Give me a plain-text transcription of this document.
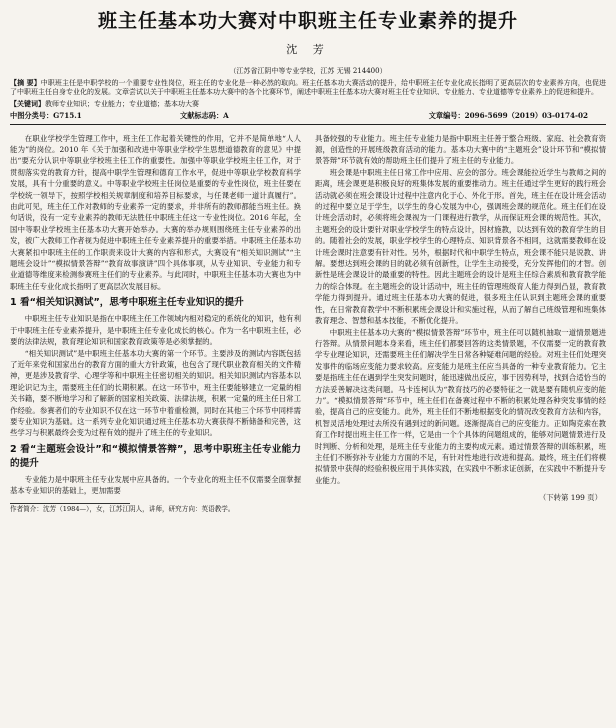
班主任基本功大赛对中职班主任专业素养的提升
沈 芳
（江苏省江阴中等专业学校，江苏 无锡 214400）
【摘 要】中职班主任是中职学校的一个重要专业性岗位，班主任的专业化是一种必然的取向。班主任基本功大赛活动的提升，给中职班主任专业化成长指明了更高层次的专业素养方向，也促进了中职班主任自身专业化的发展。文章尝试以关于中职班主任基本功大赛中的各个比赛环节，阐述中职班主任基本功大赛对班主任专业知识、专业能力、专业道德等专业素养上的促进和提升。
【关键词】教师专业知识；专业能力；专业道德；基本功大赛
中图分类号：G715.1	文献标志码：A	文章编号：2096-5699（2019）03-0174-02

在职业学校学生管理工作中，班主任工作起着关键性的作用，它并不是简单地“人人能为”的岗位。2010 年《关于加强和改进中等职业学校学生思想道德教育的意见》中提出“要充分认识中等职业学校班主任工作的重要性。加强中等职业学校班主任工作，对于贯彻落实党的教育方针，提高中职学生管理和德育工作水平，促进中等职业学校教育科学发展，具有十分重要的意义。中等职业学校班主任岗位是重要的专业性岗位，班主任要在学校统一领导下，按照学校相关规章制度和培养目标要求，与任课老师一道计真履行”。由此可见，班主任工作对教师的专业素养一定的要求，并非所有的教师都能当班主任。换句话说，没有一定专业素养的教师无法胜任中职班主任这一专业性岗位。2016 年起，全国中等职业学校班主任基本功大赛开始举办。大赛的举办规则围绕班主任专业素养的出发，被广大教师工作者视为促进中职班主任专业素养提升的重要举措。中职班主任基本功大赛紧扣中职班主任的工作职责来设计大赛的内容和形式，大赛设有“相关知识测试”“主题班会设计”“模拟情景答辩”“教育故事演讲”四个具体事项，从专业知识、专业能力和专业道德等维度来检测参赛班主任们的专业素养。与此同时，中职班主任基本功大赛也为中职班主任专业化成长指明了更高层次发展目标。

1 看“相关知识测试”，思考中职班主任专业知识的提升

中职班主任专业知识是指在中职班主任工作领域内相对稳定的系统化的知识，他有利于中职班主任专业素养提升，是中职班主任专业化成长的核心。作为一名中职班主任，必要的法律法规，教育理论知识和国家教育政策等是必须掌握的。

“相关知识测试”是中职班主任基本功大赛的第一个环节。主要涉及的测试内容既包括了近年来党和国家出台的教育方面的重大方针政策，也包含了现代职业教育相关的文件精神，更是涉及教育学、心理学等和中职班主任密切相关的知识。相关知识测试内容基本以理论识记为主，需要班主任们的长期积累。在这一环节中，班主任要能够建立一定量的相关书籍，要不断地学习和了解新的国家相关政策、法律法规，积累一定量的班主任日常工作经验。参赛者们的专业知识不仅在这一环节中着重检测，同时在其他三个环节中同样需要专业知识为基础。这一系列专业化知识通过班主任基本功大赛获得不断储备和完善，这些学习与积累最终会变为过程有效的提升了班主任的专业知识。

2 看“主题班会设计”和“模拟情景答辩”，思考中职班主任专业能力的提升

专业能力是中职班主任专业发展中应具备的。一个专业化的班主任不仅需要全面掌握基本专业知识的基础上，更加需要

作者简介：沈芳（1984—），女，江苏江阴人，讲师，研究方向：英语教学。

具备较强的专业能力。班主任专业能力是指中职班主任善于整合班级、家庭、社会教育资源，创造性的开展班级教育活动的能力。基本功大赛中的“主题班会”设计环节和“模拟情景答辩”环节就有效的帮助班主任们提升了班主任的专业能力。

班会课是中职班主任日常工作中应用、应会的部分。班会课能拉近学生与教师之间的距离，班会课更是积极良好的班集体发展的重要推动力。班主任通过学生更好的践行班会活动就必须在班会课设计过程中注意内化于心、外化于形。首先，班主任在设计班会活动的过程中要立足于学生，以学生的身心发展为中心，强调班会课的规范化。班主任们在设计班会活动时，必须将班会课视为一门课程进行教学，从而保证班会课的规范性。其次，主题班会的设计要针对职业学校学生的特点设计，因材施教，以达到有效的教育学生的目的。随着社会的发展，职业学校学生的心理特点、知识背景各不相同，这就需要教师在设计班会课时注意要有针对性。另外，根据时代和中职学生特点，班会课不能只是说教、讲解。要想达到班会课的目的就必须有创新性，让学生主动接受，充分发挥他们的才智。创新性是班会课设计的最重要的特性。因此主题班会的设计是班主任综合素质和教育教学能力的综合体现。在主题班会的设计活动中，班主任的管理班级育人能力得到凸显，教育教学能力得到提升。通过班主任基本功大赛的促进，很多班主任认识到主题班会课的重要性，在日常教育教学中不断积累班会课设计和实施过程，从而了解自己班级管理和班集体教育理念、智慧和基本技能，不断优化提升。

中职班主任基本功大赛的“模拟情景答辩”环节中，班主任可以随机抽取一道情景题进行答辩。从情景问题本身来看，班主任们都要回答的这类情景题，不仅需要一定的教育教学专业理论知识，还需要班主任们解决学生日常各种疑难问题的经验。对班主任们处理突发事件的临场应变能力要求较高。应变能力是班主任应当具备的一种专业教育能力。它主要是指班主任在遇到学生突发问题时，能迅速做出反应，事于因势利导，找到合适恰当的方法妥善解决这类问题。马卡连柯认为“教育技巧的必要特征之一就是要有随机应变的能力”。“模拟情景答辩”环节中，班主任们在备赛过程中不断的积累处理各种突发事情的经验，提高自己的应变能力。此外，班主任们不断地根据变化的情况改变教育方法和内容，机智灵活地处理过去所没有遇到过的新问题。逐渐提高自己的应变能力。正如陶克索在教育工作时提出班主任工作一样，它是由一个个具体的问题组成的，能够对问题情景进行及时判断、分析和处理，是班主任专业能力的主要构成元素。通过情景答辩的训练积累，班主任们不断弥补专业能力方面的不足，有针对性地进行改进和提高。最终，班主任们将模拟情景中获得的经验积极应用于具体实践，在实践中不断求证创新，在实践中不断提升专业能力。

（下转第 199 页）
